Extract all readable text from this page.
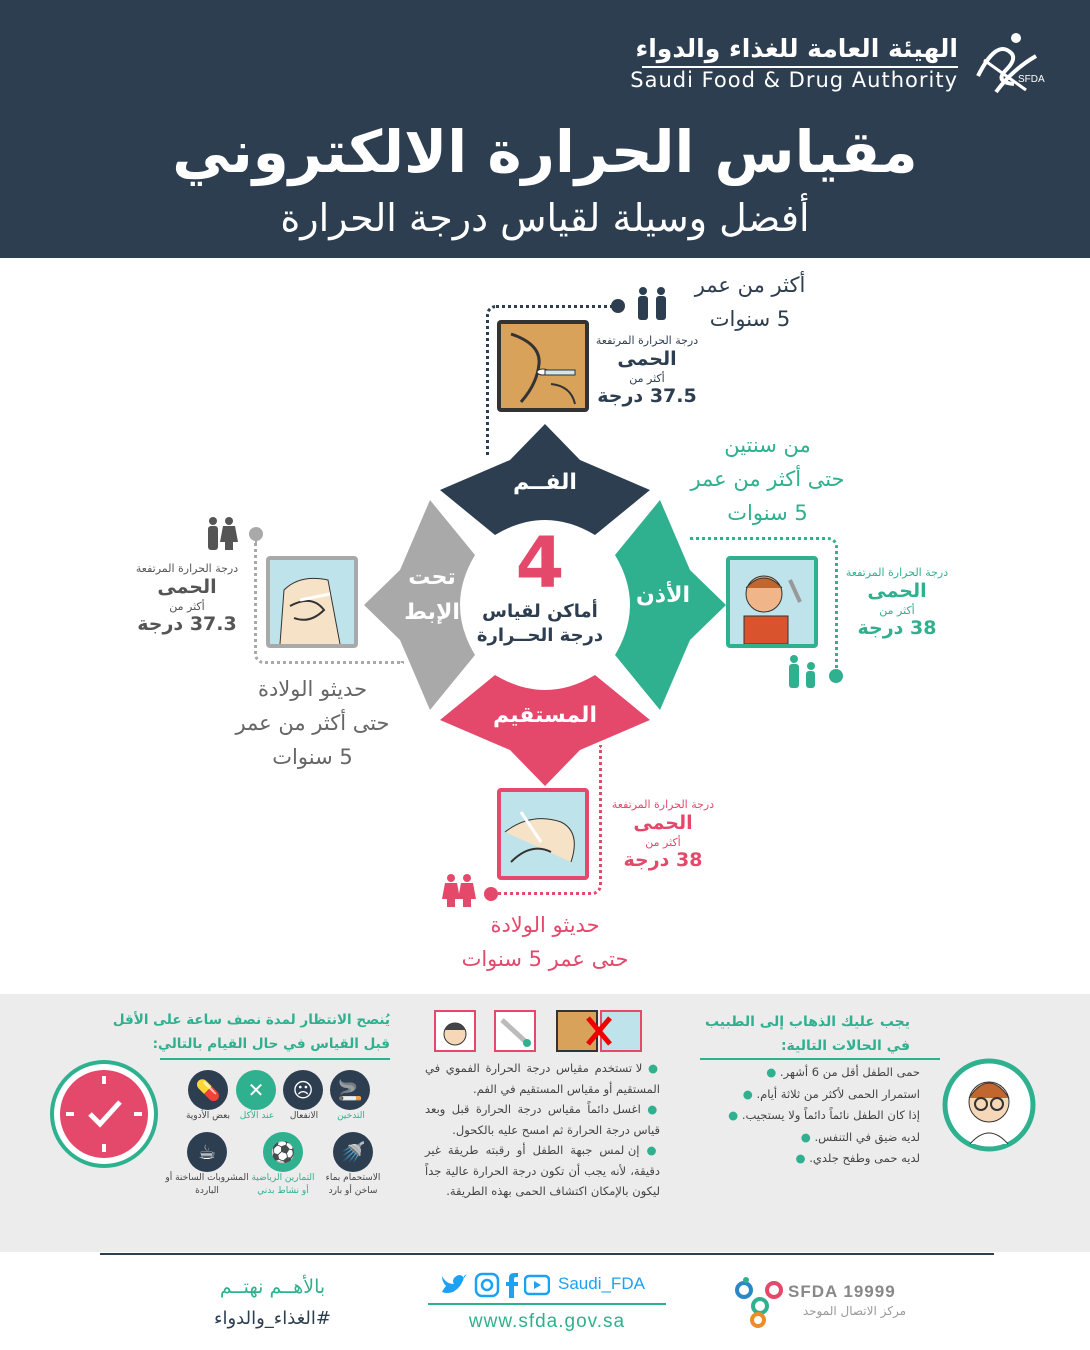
الهيئة العامة للغذاء والدواء
Saudi Food & Drug Authority	SFDA
مقياس الحرارة الالكتروني
أفضل وسيلة لقياس درجة الحرارة
الفــم
الأذن
المستقيم
تحت
الإبط
4
أماكن لقياس
درجة الحــرارة
أكثر من عمر
5 سنوات
درجة الحرارة المرتفعة
الحمى
أكثر من
37.5 درجة
من سنتين
حتى أكثر من عمر
5 سنوات
درجة الحرارة المرتفعة
الحمى
أكثر من
38 درجة
درجة الحرارة المرتفعة
الحمى
أكثر من
37.3 درجة
حديثو الولادة
حتى أكثر من عمر
5 سنوات
درجة الحرارة المرتفعة
الحمى
أكثر من
38 درجة
حديثو الولادة
حتى عمر 5 سنوات
يجب عليك الذهاب إلى الطبيب
في الحالات التالية:
حمى الطفل أقل من 6 أشهر. ●
استمرار الحمى لأكثر من ثلاثة أيام. ●
إذا كان الطفل نائماً دائماً ولا يستجيب. ●
لديه ضيق في التنفس. ●
لديه حمى وطفح جلدي. ●
● لا تستخدم مقياس درجة الحرارة الفموي في المستقيم أو مقياس المستقيم في الفم.
● اغسل دائماً مقياس درجة الحرارة قبل وبعد قياس درجة الحرارة ثم امسح عليه بالكحول.
● إن لمس جبهة الطفل أو رقبته طريقة غير دقيقة، لأنه يجب أن تكون درجة الحرارة عالية جداً ليكون بالإمكان اكتشاف الحمى بهذه الطريقة.
يُنصح الانتظار لمدة نصف ساعة على الأقل
قبل القياس في حال القيام بالتالي:
🚬
التدخين
☹
الانفعال
✕
عند الأكل
💊
بعض الأدوية
🚿
الاستحمام بماء ساخن أو بارد
⚽
التمارين الرياضية أو نشاط بدني
☕
المشروبات الساخنة أو الباردة
بالأهــم نهتــم
#الغذاء_والدواء
Saudi_FDA
www.sfda.gov.sa
SFDA 19999
مركز الاتصال الموحد
